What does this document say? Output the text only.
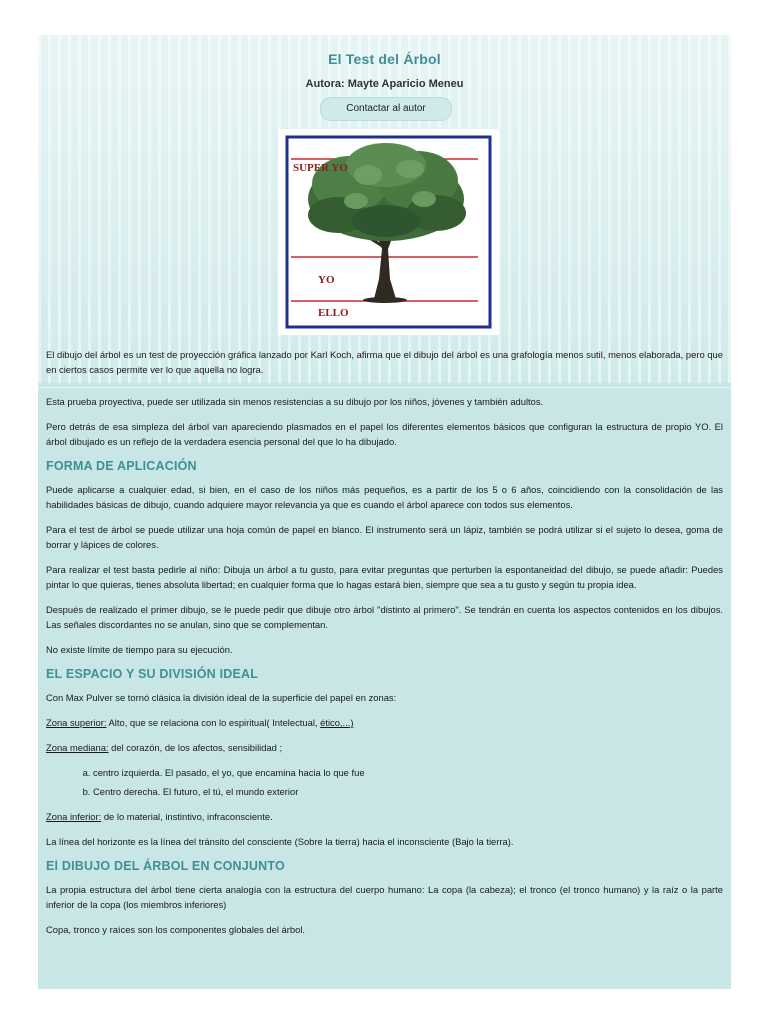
El Test del Árbol
Autora: Mayte Aparicio Meneu
Contactar al autor
SUPER YO
YO
ELLO

El dibujo del árbol es un test de proyección gráfica lanzado por Karl Koch, afirma que el dibujo del árbol es una grafología menos sutil, menos elaborada, pero que en ciertos casos permite ver lo que aquella no logra.

Esta prueba proyectiva, puede ser utilizada sin menos resistencias a su dibujo por los niños, jóvenes y también adultos.

Pero detrás de esa simpleza del árbol van apareciendo plasmados en el papel los diferentes elementos básicos que configuran la estructura de propio YO. El árbol dibujado es un reflejo de la verdadera esencia personal del que lo ha dibujado.

FORMA DE APLICACIÓN

Puede aplicarse a cualquier edad, si bien, en el caso de los niños más pequeños, es a partir de los 5 o 6 años, coincidiendo con la consolidación de las habilidades básicas de dibujo, cuando adquiere mayor relevancia ya que es cuando el árbol aparece con todos sus elementos.

Para el test de árbol se puede utilizar una hoja común de papel en blanco. El instrumento será un lápiz, también se podrá utilizar si el sujeto lo desea, goma de borrar y lápices de colores.

Para realizar el test basta pedirle al niño: Dibuja un árbol a tu gusto, para evitar preguntas que perturben la espontaneidad del dibujo, se puede añadir: Puedes pintar lo que quieras, tienes absoluta libertad; en cualquier forma que lo hagas estará bien, siempre que sea a tu gusto y según tu propia idea.

Después de realizado el primer dibujo, se le puede pedir que dibuje otro árbol "distinto al primero". Se tendrán en cuenta los aspectos contenidos en los dibujos. Las señales discordantes no se anulan, sino que se complementan.

No existe límite de tiempo para su ejecución.

EL ESPACIO Y SU DIVISIÓN IDEAL

Con Max Pulver se tornó clásica la división ideal de la superficie del papel en zonas:

Zona superior: Alto, que se relaciona con lo espiritual( Intelectual, ético,...)

Zona mediana: del corazón, de los afectos, sensibilidad ;

a. centro izquierda. El pasado, el yo, que encamina hacia lo que fue
b. Centro derecha. El futuro, el tú, el mundo exterior

Zona inferior: de lo material, instintivo, infraconsciente.

La línea del horizonte es la línea del tránsito del consciente (Sobre la tierra) hacia el inconsciente (Bajo la tierra).

El DIBUJO DEL ÁRBOL EN CONJUNTO

La propia estructura del árbol tiene cierta analogía con la estructura del cuerpo humano: La copa (la cabeza); el tronco (el tronco humano) y la raíz o la parte inferior de la copa (los miembros inferiores)

Copa, tronco y raíces son los componentes globales del árbol.
